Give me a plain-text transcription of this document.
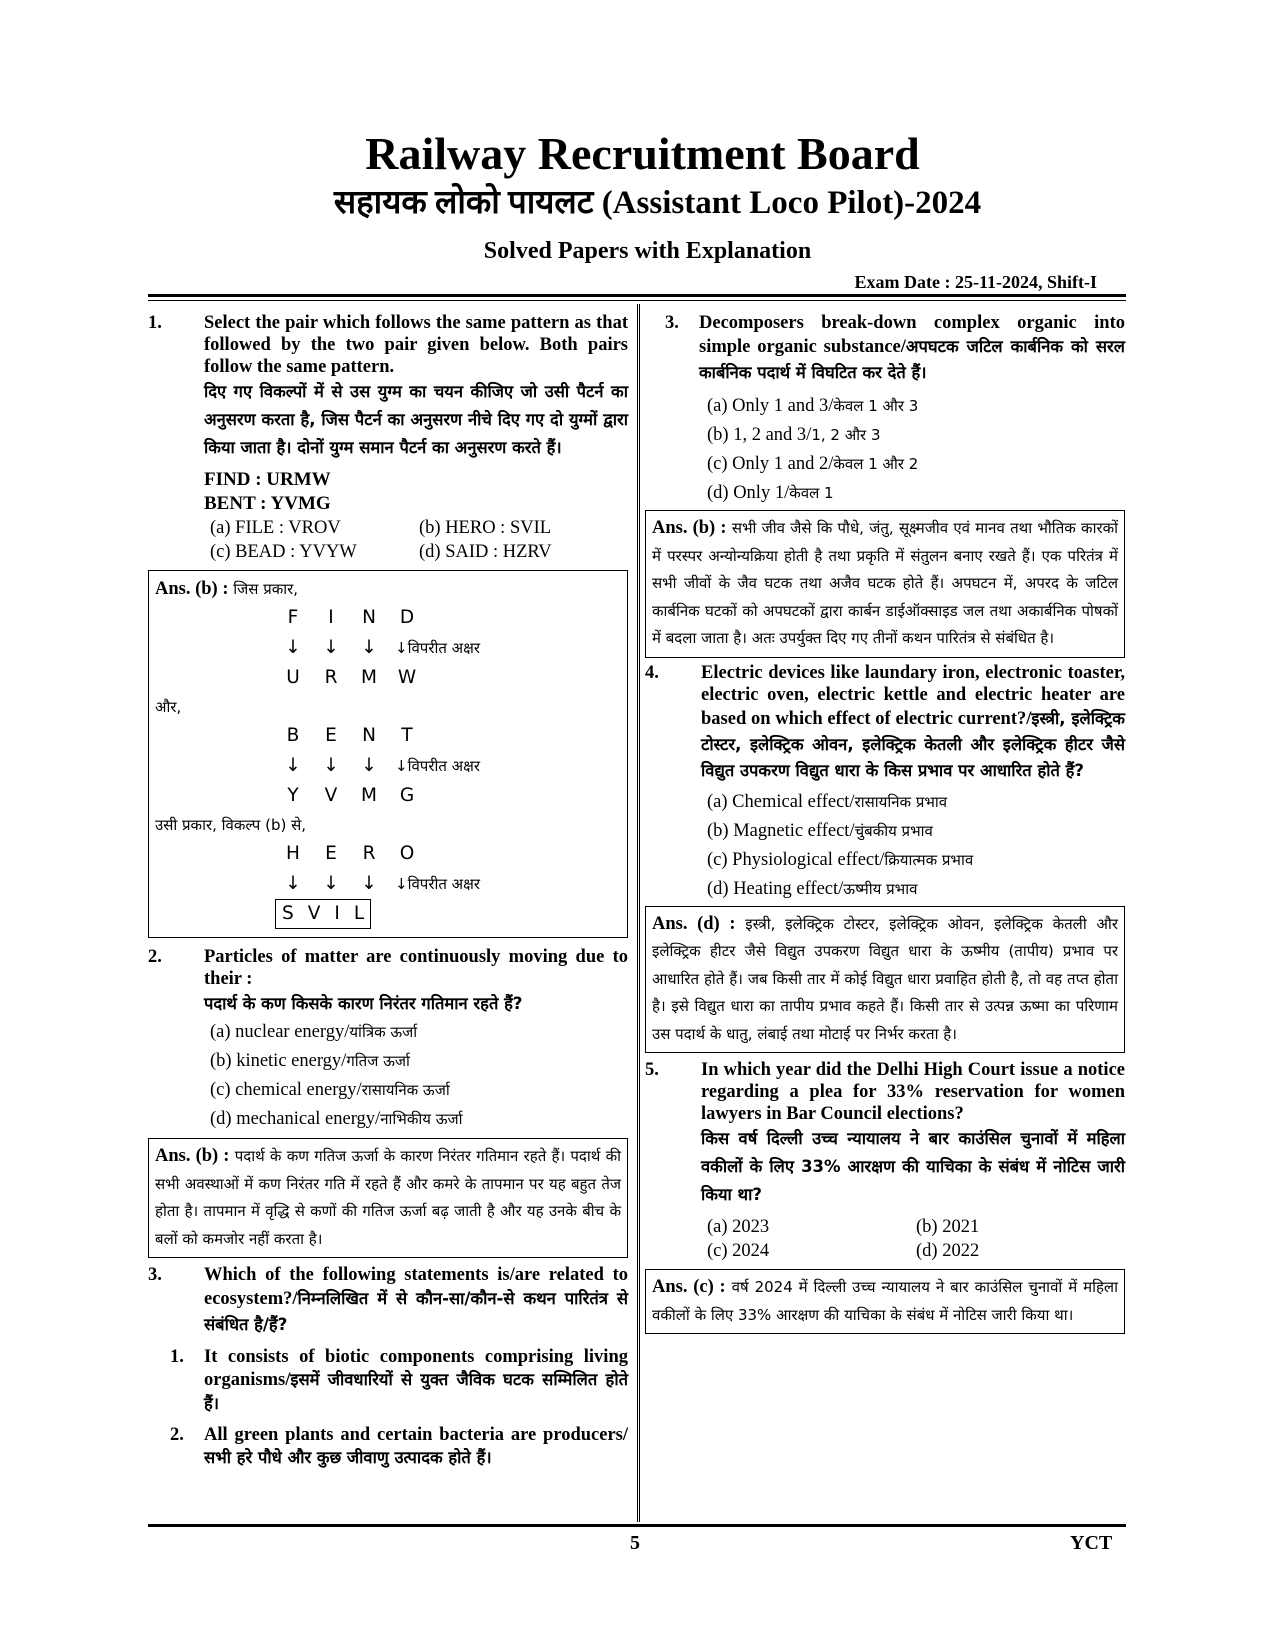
Railway Recruitment Board
सहायक लोको पायलट (Assistant Loco Pilot)-2024
Solved Papers with Explanation
Exam Date : 25-11-2024, Shift-I
1.	Select the pair which follows the same pattern as that followed by the two pair given below. Both pairs follow the same pattern.
दिए गए विकल्पों में से उस युग्म का चयन कीजिए जो उसी पैटर्न का अनुसरण करता है, जिस पैटर्न का अनुसरण नीचे दिए गए दो युग्मों द्वारा किया जाता है। दोनों युग्म समान पैटर्न का अनुसरण करते हैं।
FIND : URMW
BENT : YVMG
(a) FILE : VROV	(b) HERO : SVIL
(c) BEAD : YVYW	(d) SAID : HZRV
Ans. (b) : जिस प्रकार,
F	I	N D
↓ ↓ ↓ ↓विपरीत अक्षर
U	R	M W
और,
B	E	N	T
↓ ↓ ↓ ↓विपरीत अक्षर
Y	V	M G
उसी प्रकार, विकल्प (b) से,
H	E	R	O
↓ ↓ ↓ ↓विपरीत अक्षर
S V I L
2.	Particles of matter are continuously moving due to their :
पदार्थ के कण किसके कारण निरंतर गतिमान रहते हैं?
(a) nuclear energy/यांत्रिक ऊर्जा
(b) kinetic energy/गतिज ऊर्जा
(c) chemical energy/रासायनिक ऊर्जा
(d) mechanical energy/नाभिकीय ऊर्जा
Ans. (b) : पदार्थ के कण गतिज ऊर्जा के कारण निरंतर गतिमान रहते हैं। पदार्थ की सभी अवस्थाओं में कण निरंतर गति में रहते हैं और कमरे के तापमान पर यह बहुत तेज होता है। तापमान में वृद्धि से कणों की गतिज ऊर्जा बढ़ जाती है और यह उनके बीच के बलों को कमजोर नहीं करता है।
3.	Which of the following statements is/are related to ecosystem?/निम्नलिखित में से कौन-सा/कौन-से कथन पारितंत्र से संबंधित है/हैं?
1.	It consists of biotic components comprising living organisms/इसमें जीवधारियों से युक्त जैविक घटक सम्मिलित होते हैं।
2.	All green plants and certain bacteria are producers/सभी हरे पौधे और कुछ जीवाणु उत्पादक होते हैं।
3.	Decomposers break-down complex organic into simple organic substance/अपघटक जटिल कार्बनिक को सरल कार्बनिक पदार्थ में विघटित कर देते हैं।
(a) Only 1 and 3/केवल 1 और 3
(b) 1, 2 and 3/1, 2 और 3
(c) Only 1 and 2/केवल 1 और 2
(d) Only 1/केवल 1
Ans. (b) : सभी जीव जैसे कि पौधे, जंतु, सूक्ष्मजीव एवं मानव तथा भौतिक कारकों में परस्पर अन्योन्यक्रिया होती है तथा प्रकृति में संतुलन बनाए रखते हैं। एक परितंत्र में सभी जीवों के जैव घटक तथा अजैव घटक होते हैं। अपघटन में, अपरद के जटिल कार्बनिक घटकों को अपघटकों द्वारा कार्बन डाईऑक्साइड जल तथा अकार्बनिक पोषकों में बदला जाता है। अतः उपर्युक्त दिए गए तीनों कथन पारितंत्र से संबंधित है।
4.	Electric devices like laundary iron, electronic toaster, electric oven, electric kettle and electric heater are based on which effect of electric current?/इस्त्री, इलेक्ट्रिक टोस्टर, इलेक्ट्रिक ओवन, इलेक्ट्रिक केतली और इलेक्ट्रिक हीटर जैसे विद्युत उपकरण विद्युत धारा के किस प्रभाव पर आधारित होते हैं?
(a) Chemical effect/रासायनिक प्रभाव
(b) Magnetic effect/चुंबकीय प्रभाव
(c) Physiological effect/क्रियात्मक प्रभाव
(d) Heating effect/ऊष्मीय प्रभाव
Ans. (d) : इस्त्री, इलेक्ट्रिक टोस्टर, इलेक्ट्रिक ओवन, इलेक्ट्रिक केतली और इलेक्ट्रिक हीटर जैसे विद्युत उपकरण विद्युत धारा के ऊष्मीय (तापीय) प्रभाव पर आधारित होते हैं। जब किसी तार में कोई विद्युत धारा प्रवाहित होती है, तो वह तप्त होता है। इसे विद्युत धारा का तापीय प्रभाव कहते हैं। किसी तार से उत्पन्न ऊष्मा का परिणाम उस पदार्थ के धातु, लंबाई तथा मोटाई पर निर्भर करता है।
5.	In which year did the Delhi High Court issue a notice regarding a plea for 33% reservation for women lawyers in Bar Council elections?
किस वर्ष दिल्ली उच्च न्यायालय ने बार काउंसिल चुनावों में महिला वकीलों के लिए 33% आरक्षण की याचिका के संबंध में नोटिस जारी किया था?
(a) 2023	(b) 2021
(c) 2024	(d) 2022
Ans. (c) : वर्ष 2024 में दिल्ली उच्च न्यायालय ने बार काउंसिल चुनावों में महिला वकीलों के लिए 33% आरक्षण की याचिका के संबंध में नोटिस जारी किया था।
5	YCT
